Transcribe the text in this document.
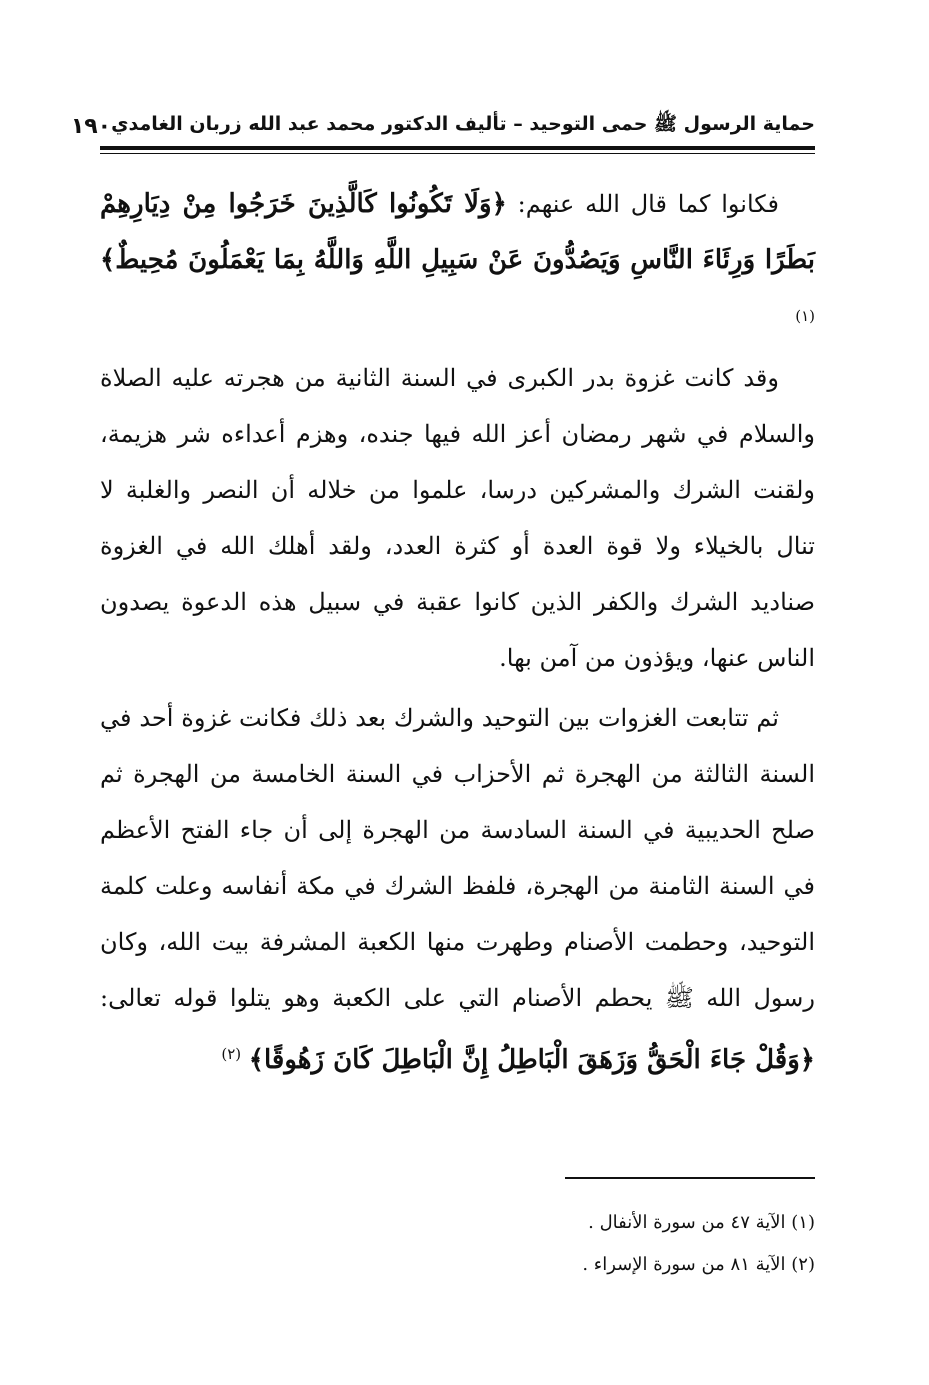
حماية الرسول ﷺ حمى التوحيد – تأليف الدكتور محمد عبد الله زربان الغامدي
١٩٠

فكانوا كما قال الله عنهم: ﴿وَلَا تَكُونُوا كَالَّذِينَ خَرَجُوا مِنْ دِيَارِهِمْ بَطَرًا وَرِئَاءَ النَّاسِ وَيَصُدُّونَ عَنْ سَبِيلِ اللَّهِ وَاللَّهُ بِمَا يَعْمَلُونَ مُحِيطٌ﴾ $^{(١)}$

وقد كانت غزوة بدر الكبرى في السنة الثانية من هجرته عليه الصلاة والسلام في شهر رمضان أعز الله فيها جنده، وهزم أعداءه شر هزيمة، ولقنت الشرك والمشركين درسا، علموا من خلاله أن النصر والغلبة لا تنال بالخيلاء ولا قوة العدة أو كثرة العدد، ولقد أهلك الله في الغزوة صناديد الشرك والكفر الذين كانوا عقبة في سبيل هذه الدعوة يصدون الناس عنها، ويؤذون من آمن بها.

ثم تتابعت الغزوات بين التوحيد والشرك بعد ذلك فكانت غزوة أحد في السنة الثالثة من الهجرة ثم الأحزاب في السنة الخامسة من الهجرة ثم صلح الحديبية في السنة السادسة من الهجرة إلى أن جاء الفتح الأعظم في السنة الثامنة من الهجرة، فلفظ الشرك في مكة أنفاسه وعلت كلمة التوحيد، وحطمت الأصنام وطهرت منها الكعبة المشرفة بيت الله، وكان رسول الله ﷺ يحطم الأصنام التي على الكعبة وهو يتلوا قوله تعالى: ﴿وَقُلْ جَاءَ الْحَقُّ وَزَهَقَ الْبَاطِلُ إِنَّ الْبَاطِلَ كَانَ زَهُوقًا﴾ $^{(٢)}$

(١) الآية ٤٧ من سورة الأنفال .
(٢) الآية ٨١ من سورة الإسراء .
